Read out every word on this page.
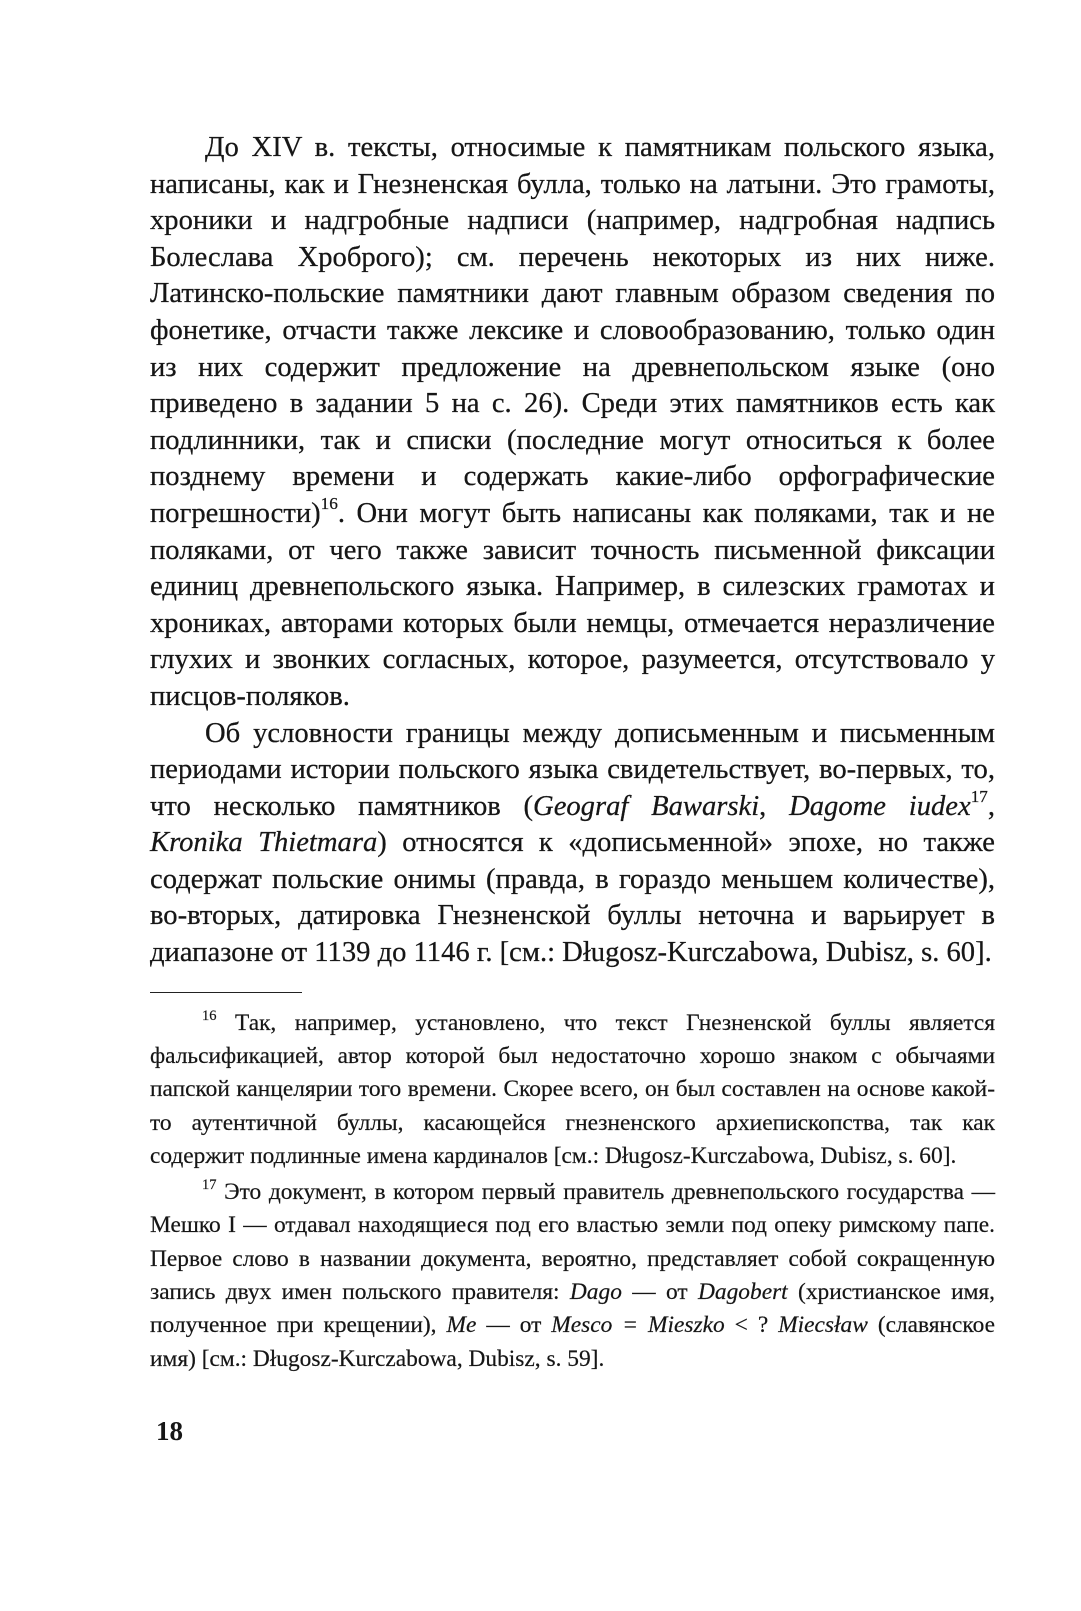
До XIV в. тексты, относимые к памятникам польского языка, написаны, как и Гнезненская булла, только на латыни. Это грамоты, хроники и надгробные надписи (например, надгробная надпись Болеслава Хроброго); см. перечень некоторых из них ниже. Латинско-польские памятники дают главным образом сведения по фонетике, отчасти также лексике и словообразованию, только один из них содержит предложение на древнепольском языке (оно приведено в задании 5 на с. 26). Среди этих памятников есть как подлинники, так и списки (последние могут относиться к более позднему времени и содержать какие-либо орфографические погрешности)$^{16}$. Они могут быть написаны как поляками, так и не поляками, от чего также зависит точность письменной фиксации единиц древнепольского языка. Например, в силезских грамотах и хрониках, авторами которых были немцы, отмечается неразличение глухих и звонких согласных, которое, разумеется, отсутствовало у писцов-поляков.

Об условности границы между дописьменным и письменным периодами истории польского языка свидетельствует, во-первых, то, что несколько памятников (Geograf Bawarski, Dagome iudex$^{17}$, Kronika Thietmara) относятся к «дописьменной» эпохе, но также содержат польские онимы (правда, в гораздо меньшем количестве), во-вторых, датировка Гнезненской буллы неточна и варьирует в диапазоне от 1139 до 1146 г. [см.: Długosz-Kurczabowa, Dubisz, s. 60].

$^{16}$ Так, например, установлено, что текст Гнезненской буллы является фальсификацией, автор которой был недостаточно хорошо знаком с обычаями папской канцелярии того времени. Скорее всего, он был составлен на основе какой-то аутентичной буллы, касающейся гнезненского архиепископства, так как содержит подлинные имена кардиналов [см.: Długosz-Kurczabowa, Dubisz, s. 60].

$^{17}$ Это документ, в котором первый правитель древнепольского государства — Мешко I — отдавал находящиеся под его властью земли под опеку римскому папе. Первое слово в названии документа, вероятно, представляет собой сокращенную запись двух имен польского правителя: Dago — от Dagobert (христианское имя, полученное при крещении), Me — от Mesco = Mieszko < ? Miecsław (славянское имя) [см.: Długosz-Kurczabowa, Dubisz, s. 59].

18
